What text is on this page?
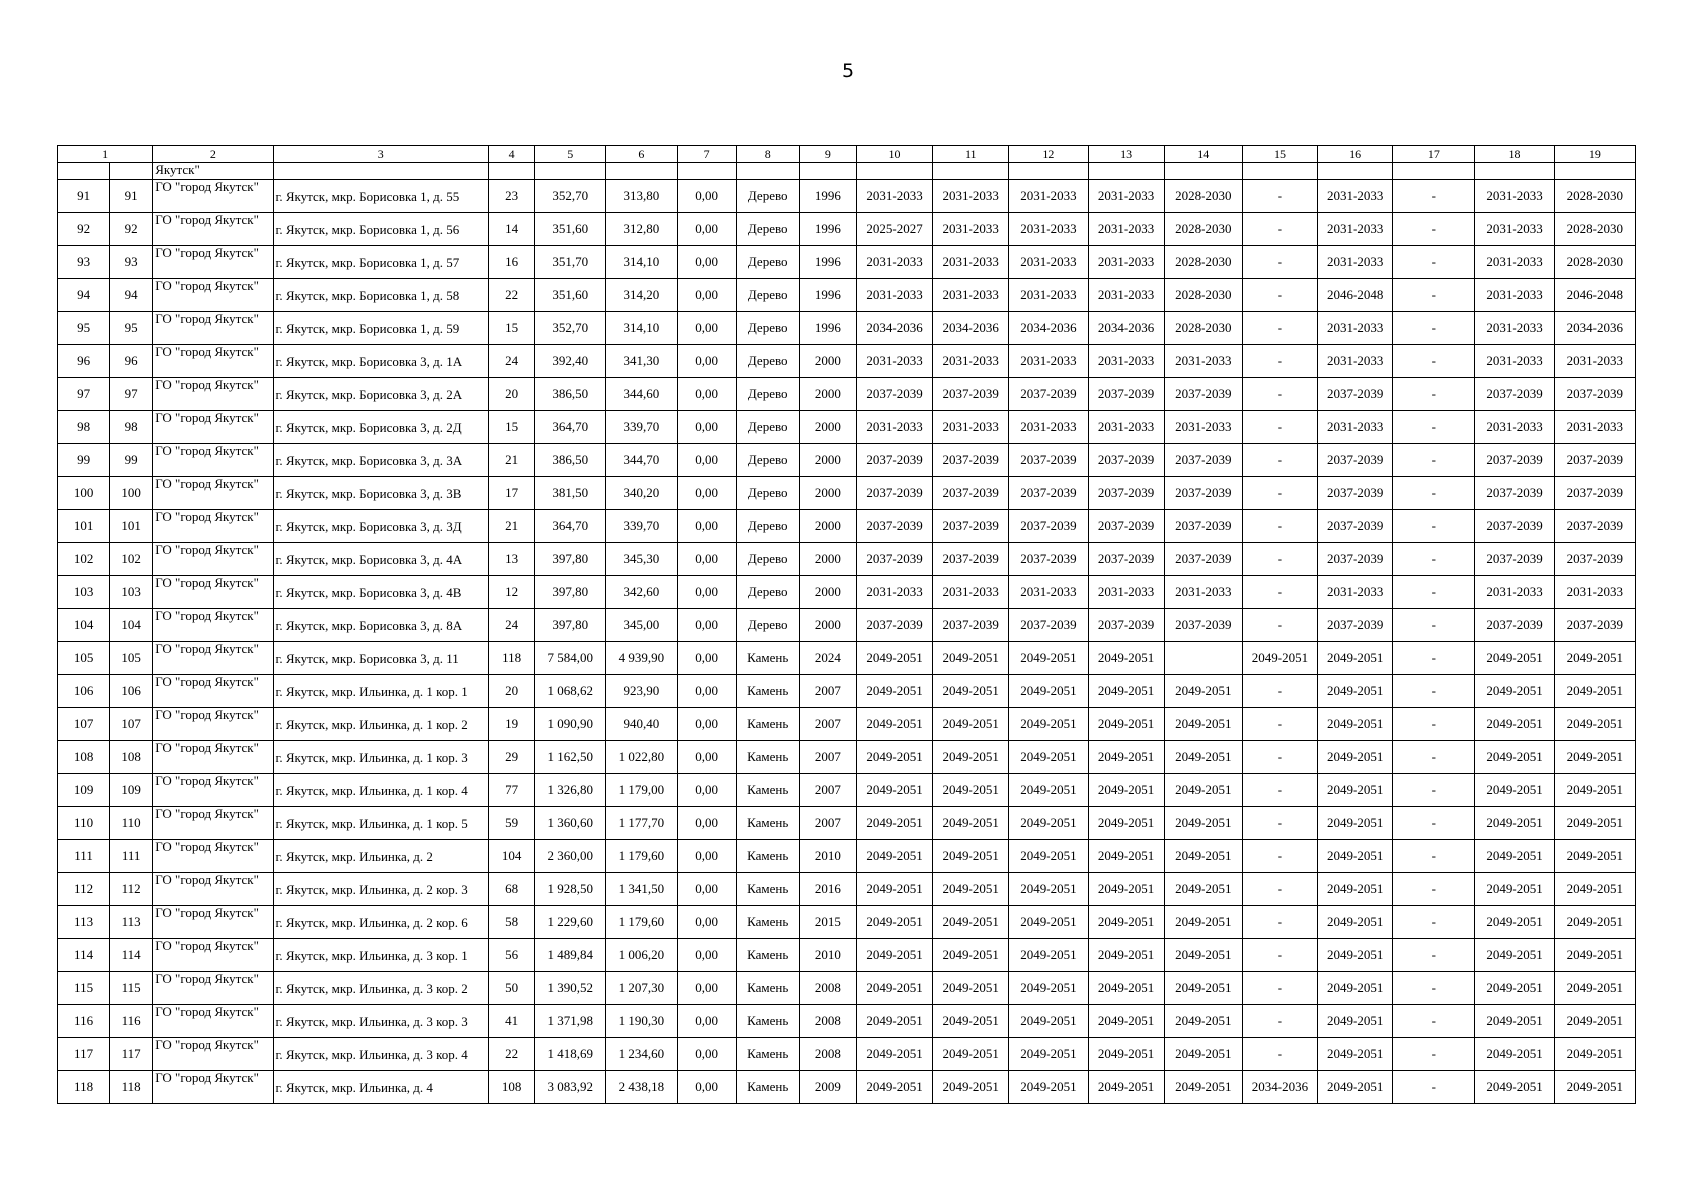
5
1		2	3	4	5	6	7	8	9	10	11	12	13	14	15	16	17	18	19
		Якутск"																	
91	91	ГО "город Якутск"	г. Якутск, мкр. Борисовка 1, д. 55	23	352,70	313,80	0,00	Дерево	1996	2031-2033	2031-2033	2031-2033	2031-2033	2028-2030	-	2031-2033	-	2031-2033	2028-2030
92	92	ГО "город Якутск"	г. Якутск, мкр. Борисовка 1, д. 56	14	351,60	312,80	0,00	Дерево	1996	2025-2027	2031-2033	2031-2033	2031-2033	2028-2030	-	2031-2033	-	2031-2033	2028-2030
93	93	ГО "город Якутск"	г. Якутск, мкр. Борисовка 1, д. 57	16	351,70	314,10	0,00	Дерево	1996	2031-2033	2031-2033	2031-2033	2031-2033	2028-2030	-	2031-2033	-	2031-2033	2028-2030
94	94	ГО "город Якутск"	г. Якутск, мкр. Борисовка 1, д. 58	22	351,60	314,20	0,00	Дерево	1996	2031-2033	2031-2033	2031-2033	2031-2033	2028-2030	-	2046-2048	-	2031-2033	2046-2048
95	95	ГО "город Якутск"	г. Якутск, мкр. Борисовка 1, д. 59	15	352,70	314,10	0,00	Дерево	1996	2034-2036	2034-2036	2034-2036	2034-2036	2028-2030	-	2031-2033	-	2031-2033	2034-2036
96	96	ГО "город Якутск"	г. Якутск, мкр. Борисовка 3, д. 1А	24	392,40	341,30	0,00	Дерево	2000	2031-2033	2031-2033	2031-2033	2031-2033	2031-2033	-	2031-2033	-	2031-2033	2031-2033
97	97	ГО "город Якутск"	г. Якутск, мкр. Борисовка 3, д. 2А	20	386,50	344,60	0,00	Дерево	2000	2037-2039	2037-2039	2037-2039	2037-2039	2037-2039	-	2037-2039	-	2037-2039	2037-2039
98	98	ГО "город Якутск"	г. Якутск, мкр. Борисовка 3, д. 2Д	15	364,70	339,70	0,00	Дерево	2000	2031-2033	2031-2033	2031-2033	2031-2033	2031-2033	-	2031-2033	-	2031-2033	2031-2033
99	99	ГО "город Якутск"	г. Якутск, мкр. Борисовка 3, д. 3А	21	386,50	344,70	0,00	Дерево	2000	2037-2039	2037-2039	2037-2039	2037-2039	2037-2039	-	2037-2039	-	2037-2039	2037-2039
100	100	ГО "город Якутск"	г. Якутск, мкр. Борисовка 3, д. 3В	17	381,50	340,20	0,00	Дерево	2000	2037-2039	2037-2039	2037-2039	2037-2039	2037-2039	-	2037-2039	-	2037-2039	2037-2039
101	101	ГО "город Якутск"	г. Якутск, мкр. Борисовка 3, д. 3Д	21	364,70	339,70	0,00	Дерево	2000	2037-2039	2037-2039	2037-2039	2037-2039	2037-2039	-	2037-2039	-	2037-2039	2037-2039
102	102	ГО "город Якутск"	г. Якутск, мкр. Борисовка 3, д. 4А	13	397,80	345,30	0,00	Дерево	2000	2037-2039	2037-2039	2037-2039	2037-2039	2037-2039	-	2037-2039	-	2037-2039	2037-2039
103	103	ГО "город Якутск"	г. Якутск, мкр. Борисовка 3, д. 4В	12	397,80	342,60	0,00	Дерево	2000	2031-2033	2031-2033	2031-2033	2031-2033	2031-2033	-	2031-2033	-	2031-2033	2031-2033
104	104	ГО "город Якутск"	г. Якутск, мкр. Борисовка 3, д. 8А	24	397,80	345,00	0,00	Дерево	2000	2037-2039	2037-2039	2037-2039	2037-2039	2037-2039	-	2037-2039	-	2037-2039	2037-2039
105	105	ГО "город Якутск"	г. Якутск, мкр. Борисовка 3, д. 11	118	7 584,00	4 939,90	0,00	Камень	2024	2049-2051	2049-2051	2049-2051	2049-2051		2049-2051	2049-2051	-	2049-2051	2049-2051
106	106	ГО "город Якутск"	г. Якутск, мкр. Ильинка, д. 1 кор. 1	20	1 068,62	923,90	0,00	Камень	2007	2049-2051	2049-2051	2049-2051	2049-2051	2049-2051	-	2049-2051	-	2049-2051	2049-2051
107	107	ГО "город Якутск"	г. Якутск, мкр. Ильинка, д. 1 кор. 2	19	1 090,90	940,40	0,00	Камень	2007	2049-2051	2049-2051	2049-2051	2049-2051	2049-2051	-	2049-2051	-	2049-2051	2049-2051
108	108	ГО "город Якутск"	г. Якутск, мкр. Ильинка, д. 1 кор. 3	29	1 162,50	1 022,80	0,00	Камень	2007	2049-2051	2049-2051	2049-2051	2049-2051	2049-2051	-	2049-2051	-	2049-2051	2049-2051
109	109	ГО "город Якутск"	г. Якутск, мкр. Ильинка, д. 1 кор. 4	77	1 326,80	1 179,00	0,00	Камень	2007	2049-2051	2049-2051	2049-2051	2049-2051	2049-2051	-	2049-2051	-	2049-2051	2049-2051
110	110	ГО "город Якутск"	г. Якутск, мкр. Ильинка, д. 1 кор. 5	59	1 360,60	1 177,70	0,00	Камень	2007	2049-2051	2049-2051	2049-2051	2049-2051	2049-2051	-	2049-2051	-	2049-2051	2049-2051
111	111	ГО "город Якутск"	г. Якутск, мкр. Ильинка, д. 2	104	2 360,00	1 179,60	0,00	Камень	2010	2049-2051	2049-2051	2049-2051	2049-2051	2049-2051	-	2049-2051	-	2049-2051	2049-2051
112	112	ГО "город Якутск"	г. Якутск, мкр. Ильинка, д. 2 кор. 3	68	1 928,50	1 341,50	0,00	Камень	2016	2049-2051	2049-2051	2049-2051	2049-2051	2049-2051	-	2049-2051	-	2049-2051	2049-2051
113	113	ГО "город Якутск"	г. Якутск, мкр. Ильинка, д. 2 кор. 6	58	1 229,60	1 179,60	0,00	Камень	2015	2049-2051	2049-2051	2049-2051	2049-2051	2049-2051	-	2049-2051	-	2049-2051	2049-2051
114	114	ГО "город Якутск"	г. Якутск, мкр. Ильинка, д. 3 кор. 1	56	1 489,84	1 006,20	0,00	Камень	2010	2049-2051	2049-2051	2049-2051	2049-2051	2049-2051	-	2049-2051	-	2049-2051	2049-2051
115	115	ГО "город Якутск"	г. Якутск, мкр. Ильинка, д. 3 кор. 2	50	1 390,52	1 207,30	0,00	Камень	2008	2049-2051	2049-2051	2049-2051	2049-2051	2049-2051	-	2049-2051	-	2049-2051	2049-2051
116	116	ГО "город Якутск"	г. Якутск, мкр. Ильинка, д. 3 кор. 3	41	1 371,98	1 190,30	0,00	Камень	2008	2049-2051	2049-2051	2049-2051	2049-2051	2049-2051	-	2049-2051	-	2049-2051	2049-2051
117	117	ГО "город Якутск"	г. Якутск, мкр. Ильинка, д. 3 кор. 4	22	1 418,69	1 234,60	0,00	Камень	2008	2049-2051	2049-2051	2049-2051	2049-2051	2049-2051	-	2049-2051	-	2049-2051	2049-2051
118	118	ГО "город Якутск"	г. Якутск, мкр. Ильинка, д. 4	108	3 083,92	2 438,18	0,00	Камень	2009	2049-2051	2049-2051	2049-2051	2049-2051	2049-2051	2034-2036	2049-2051	-	2049-2051	2049-2051
